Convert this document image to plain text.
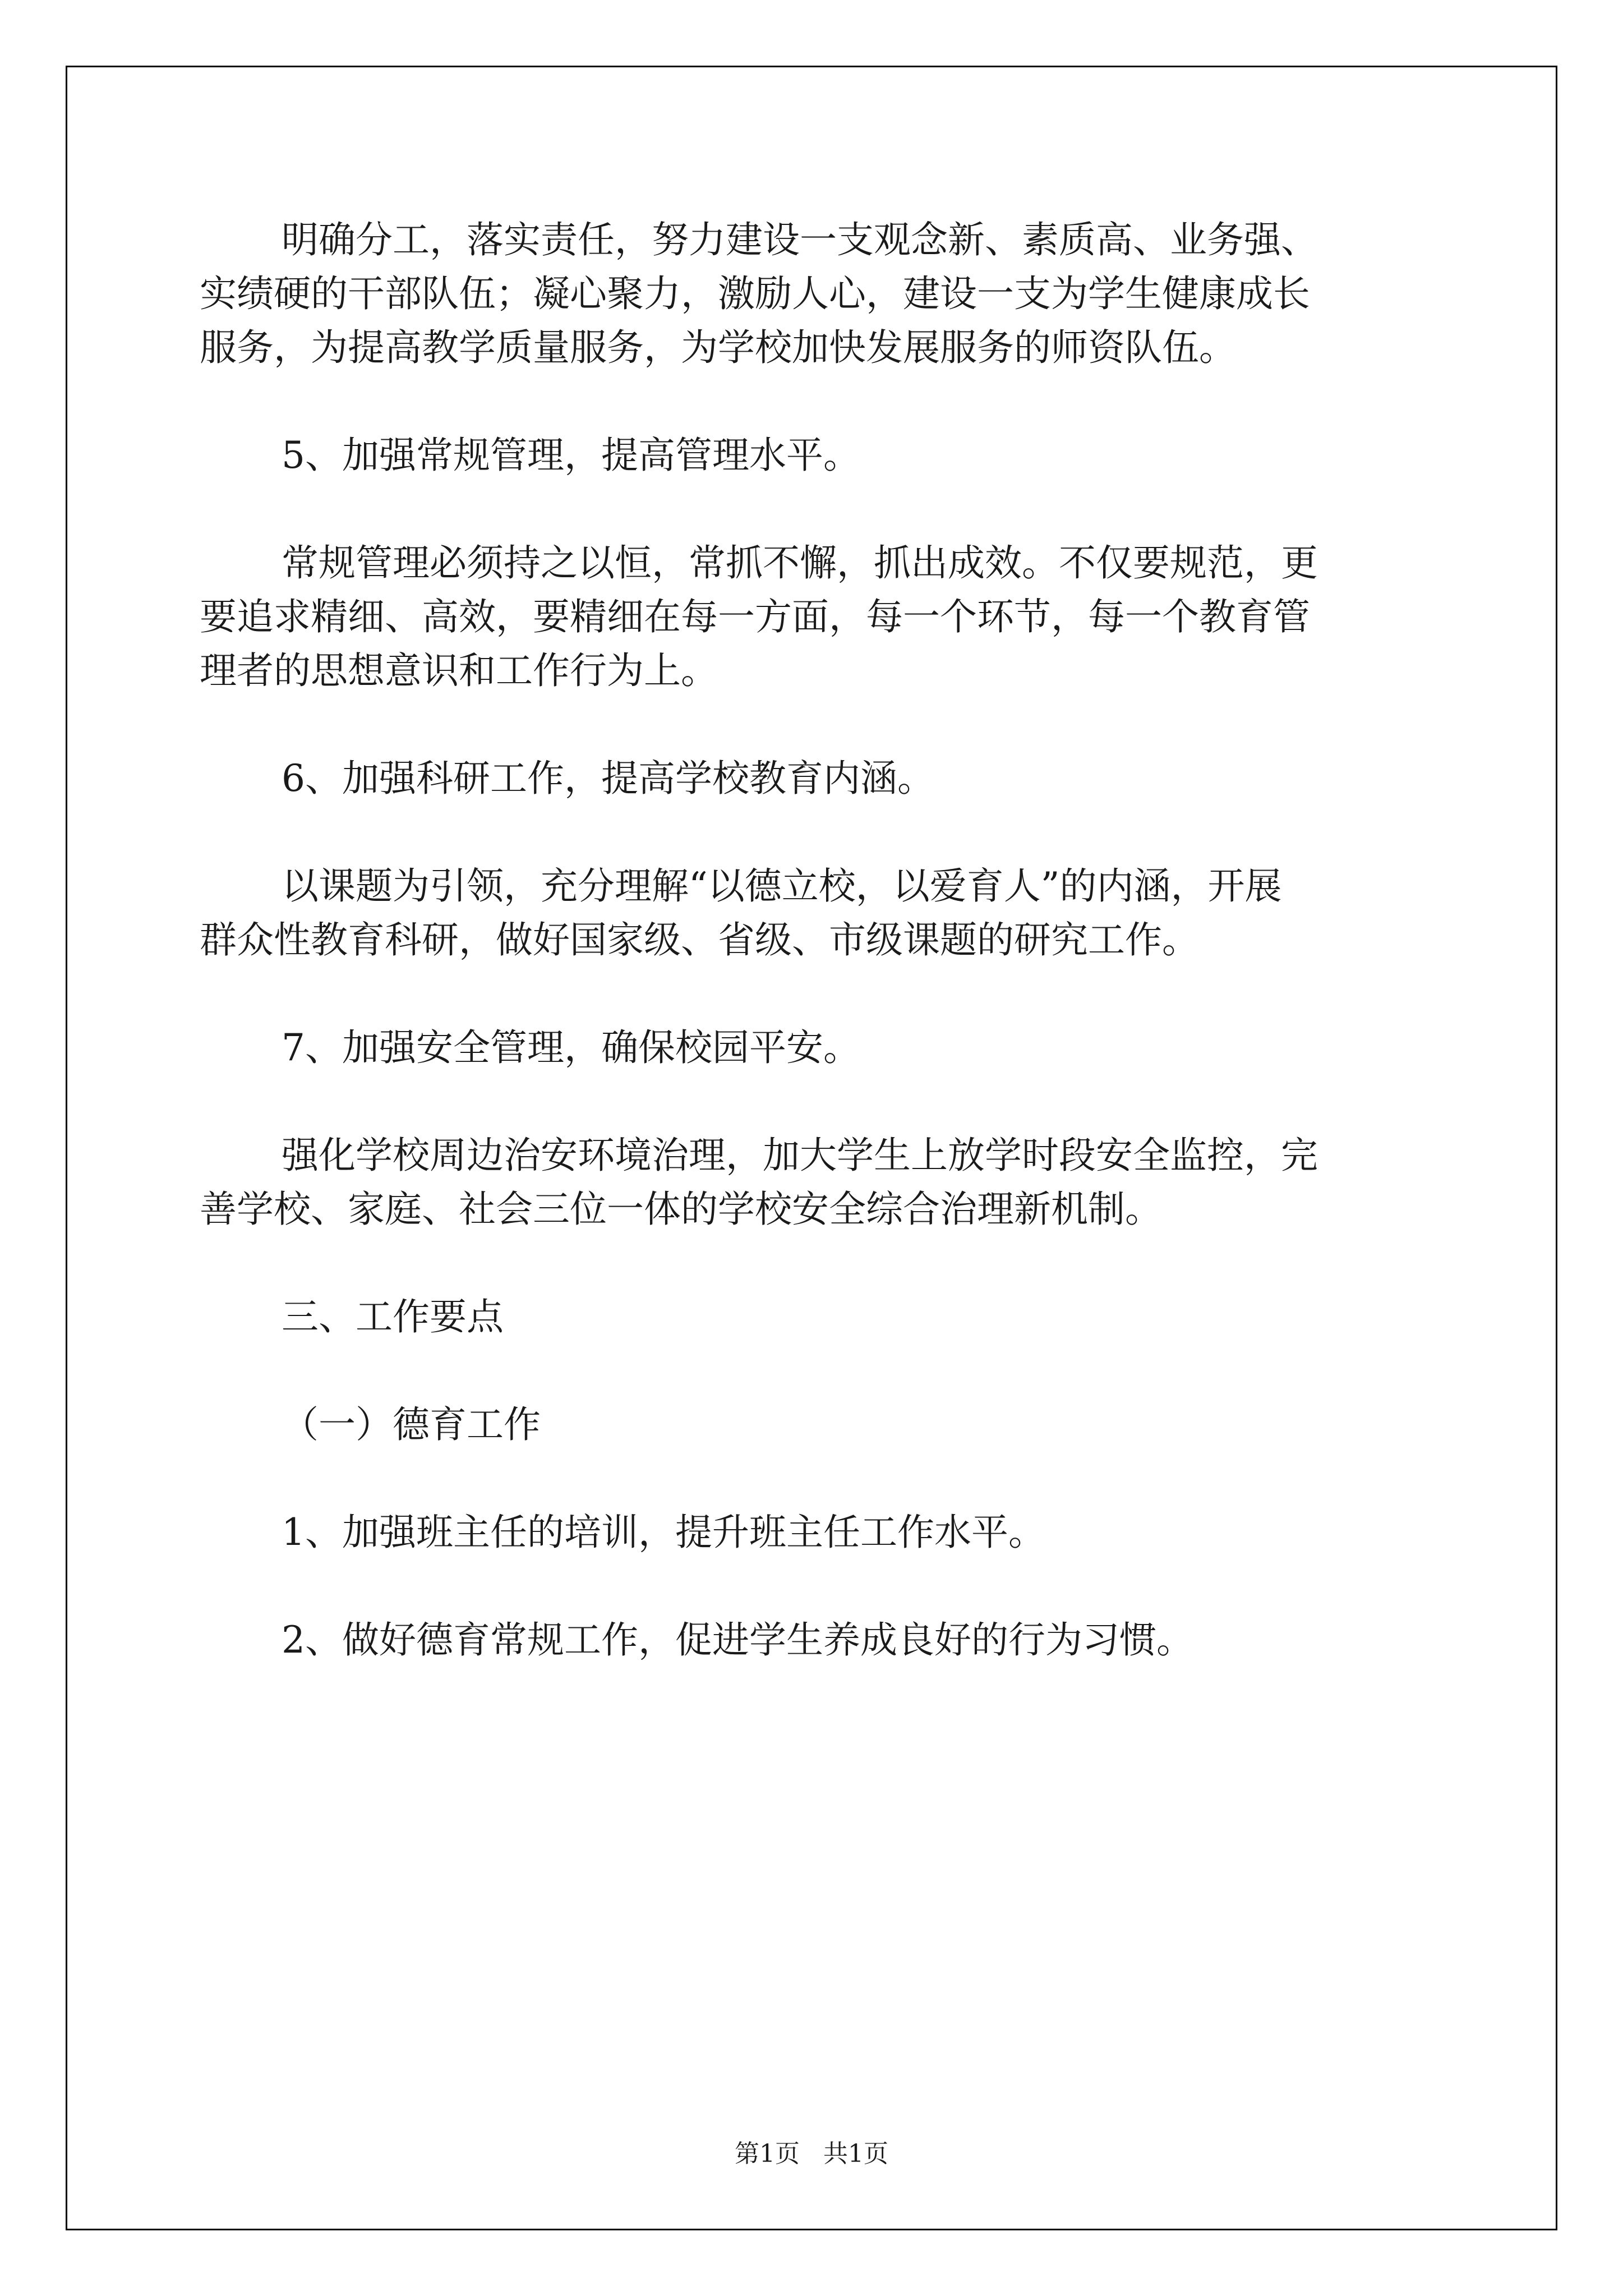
明确分工，落实责任，努力建设一支观念新、素质高、业务强、
实绩硬的干部队伍；凝心聚力，激励人心，建设一支为学生健康成长
服务，为提高教学质量服务，为学校加快发展服务的师资队伍。
5、加强常规管理，提高管理水平。
常规管理必须持之以恒，常抓不懈，抓出成效。不仅要规范，更
要追求精细、高效，要精细在每一方面，每一个环节，每一个教育管
理者的思想意识和工作行为上。
6、加强科研工作，提高学校教育内涵。
以课题为引领，充分理解“以德立校，以爱育人”的内涵，开展
群众性教育科研，做好国家级、省级、市级课题的研究工作。
7、加强安全管理，确保校园平安。
强化学校周边治安环境治理，加大学生上放学时段安全监控，完
善学校、家庭、社会三位一体的学校安全综合治理新机制。
三、工作要点
（一）德育工作
1、加强班主任的培训，提升班主任工作水平。
2、做好德育常规工作，促进学生养成良好的行为习惯。
第1页   共1页
